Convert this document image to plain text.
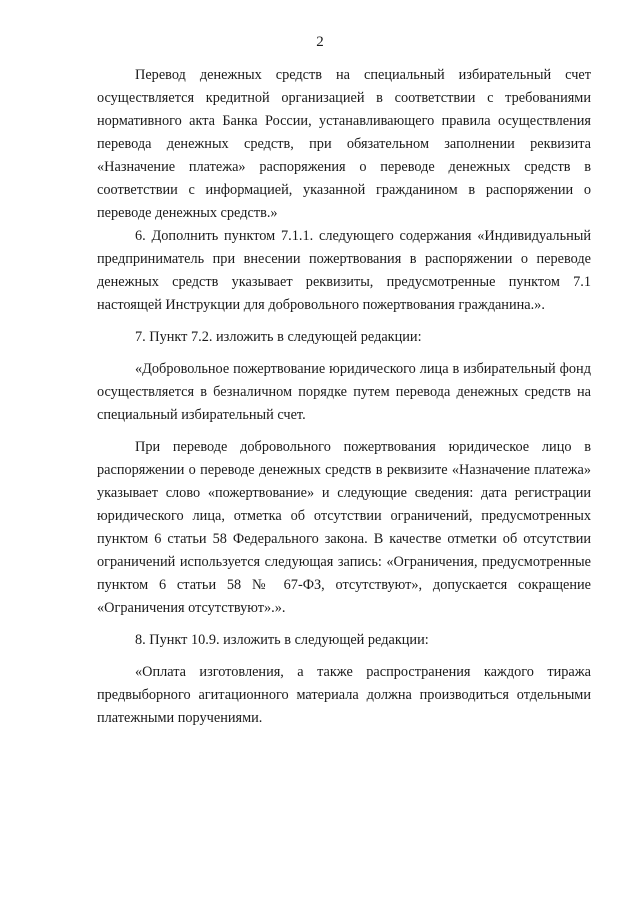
2

Перевод денежных средств на специальный избирательный счет осуществляется кредитной организацией в соответствии с требованиями нормативного акта Банка России, устанавливающего правила осуществления перевода денежных средств, при обязательном заполнении реквизита «Назначение платежа» распоряжения о переводе денежных средств в соответствии с информацией, указанной гражданином в распоряжении о переводе денежных средств.»

6. Дополнить пунктом 7.1.1. следующего содержания «Индивидуальный предприниматель при внесении пожертвования в распоряжении о переводе денежных средств указывает реквизиты, предусмотренные пунктом 7.1 настоящей Инструкции для добровольного пожертвования гражданина.».

7. Пункт 7.2. изложить в следующей редакции:

«Добровольное пожертвование юридического лица в избирательный фонд осуществляется в безналичном порядке путем перевода денежных средств на специальный избирательный счет.

При переводе добровольного пожертвования юридическое лицо в распоряжении о переводе денежных средств в реквизите «Назначение платежа» указывает слово «пожертвование» и следующие сведения: дата регистрации юридического лица, отметка об отсутствии ограничений, предусмотренных пунктом 6 статьи 58 Федерального закона. В качестве отметки об отсутствии ограничений используется следующая запись: «Ограничения, предусмотренные пунктом 6 статьи 58 № 67-ФЗ, отсутствуют», допускается сокращение «Ограничения отсутствуют».».

8. Пункт 10.9. изложить в следующей редакции:

«Оплата изготовления, а также распространения каждого тиража предвыборного агитационного материала должна производиться отдельными платежными поручениями.
